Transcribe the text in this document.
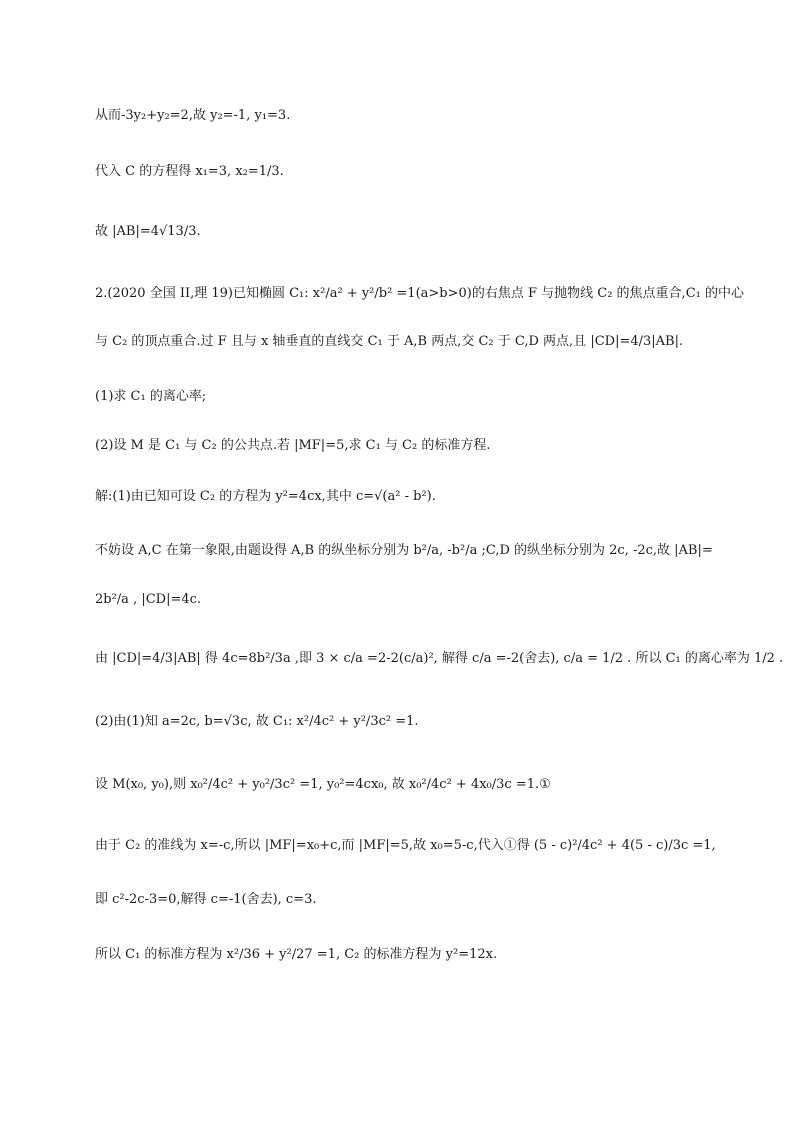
从而-3y₂+y₂=2,故 y₂=-1, y₁=3.
代入 C 的方程得 x₁=3, x₂=1/3.
故 |AB|=4√13/3.
2.(2020 全国 II,理 19)已知椭圆 C₁: x²/a² + y²/b² =1(a>b>0)的右焦点 F 与抛物线 C₂ 的焦点重合,C₁ 的中心
与 C₂ 的顶点重合.过 F 且与 x 轴垂直的直线交 C₁ 于 A,B 两点,交 C₂ 于 C,D 两点,且 |CD|=4/3|AB|.
(1)求 C₁ 的离心率;
(2)设 M 是 C₁ 与 C₂ 的公共点.若 |MF|=5,求 C₁ 与 C₂ 的标准方程.
解:(1)由已知可设 C₂ 的方程为 y²=4cx,其中 c=√(a² - b²).
不妨设 A,C 在第一象限,由题设得 A,B 的纵坐标分别为 b²/a, -b²/a ;C,D 的纵坐标分别为 2c, -2c,故 |AB|=
2b²/a , |CD|=4c.
由 |CD|=4/3|AB| 得 4c=8b²/3a ,即 3 × c/a =2-2(c/a)², 解得 c/a =-2(舍去), c/a = 1/2 . 所以 C₁ 的离心率为 1/2 .
(2)由(1)知 a=2c, b=√3c, 故 C₁: x²/4c² + y²/3c² =1.
设 M(x₀, y₀),则 x₀²/4c² + y₀²/3c² =1, y₀²=4cx₀, 故 x₀²/4c² + 4x₀/3c =1.①
由于 C₂ 的准线为 x=-c,所以 |MF|=x₀+c,而 |MF|=5,故 x₀=5-c,代入①得 (5 - c)²/4c² + 4(5 - c)/3c =1,
即 c²-2c-3=0,解得 c=-1(舍去), c=3.
所以 C₁ 的标准方程为 x²/36 + y²/27 =1, C₂ 的标准方程为 y²=12x.
